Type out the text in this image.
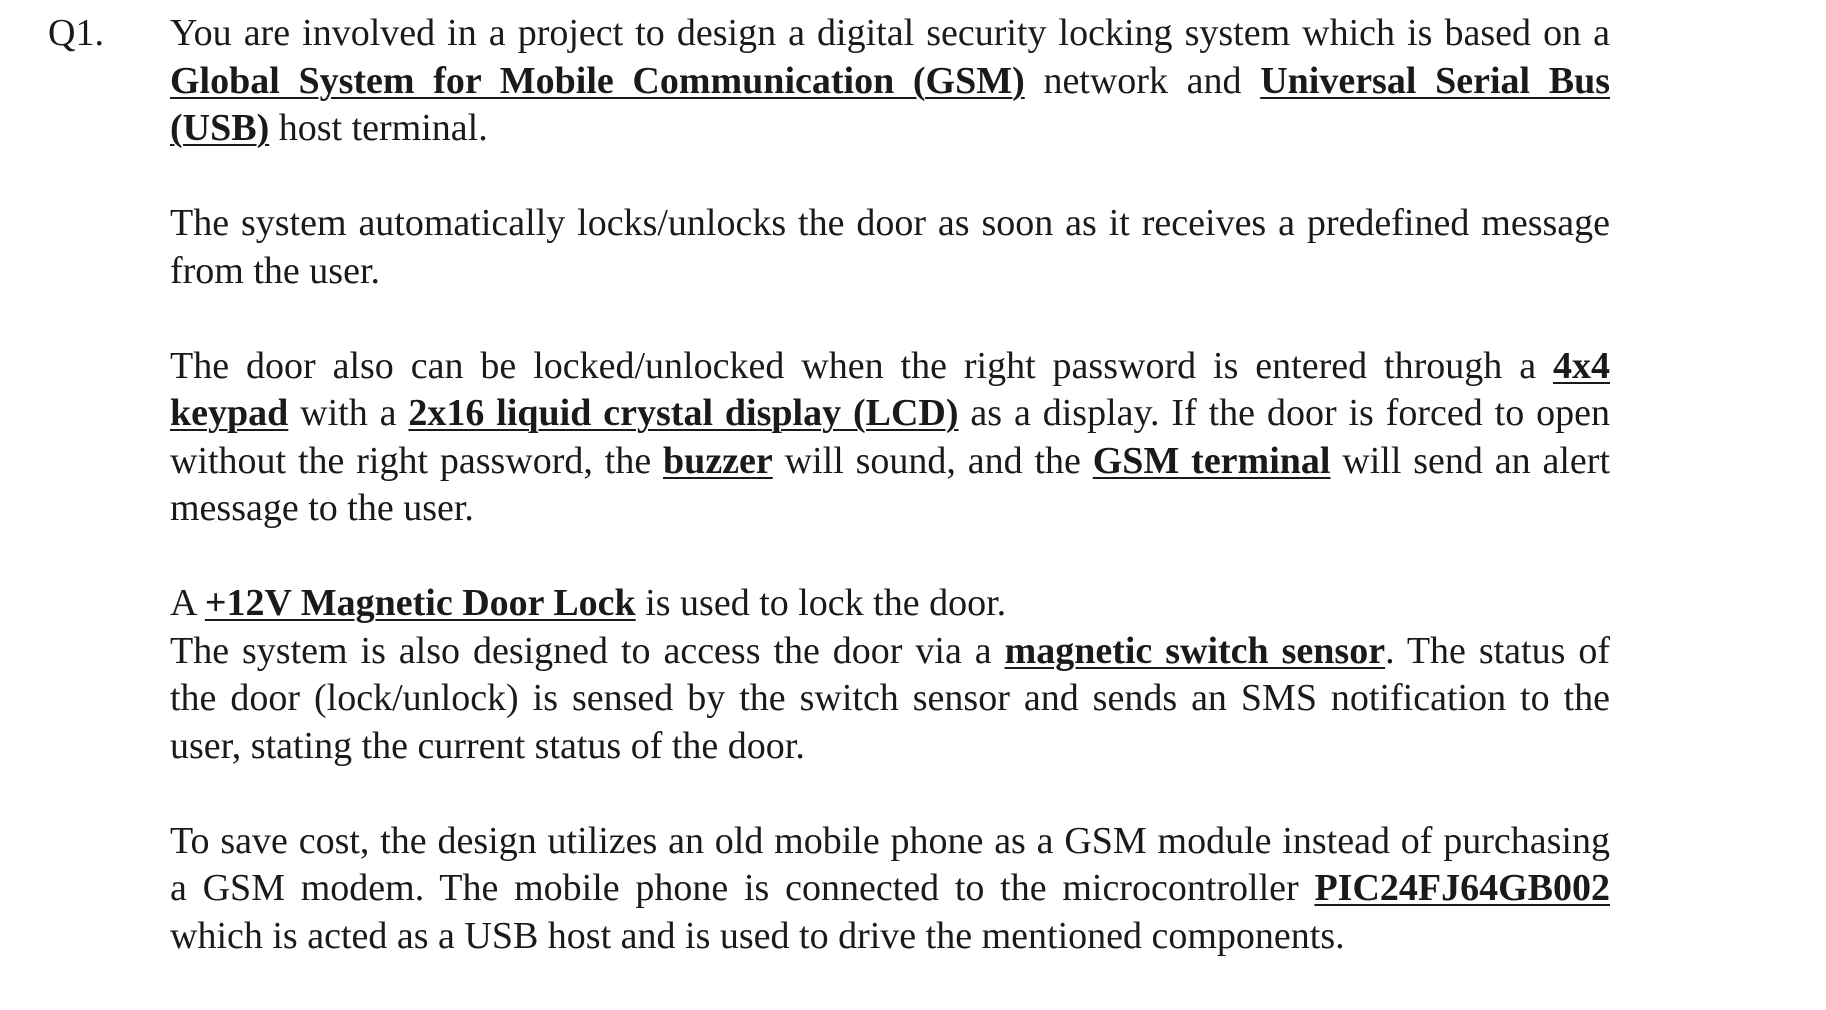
Q1. You are involved in a project to design a digital security locking system which is based on a Global System for Mobile Communication (GSM) network and Universal Serial Bus (USB) host terminal.

The system automatically locks/unlocks the door as soon as it receives a predefined message from the user.

The door also can be locked/unlocked when the right password is entered through a 4x4 keypad with a 2x16 liquid crystal display (LCD) as a display. If the door is forced to open without the right password, the buzzer will sound, and the GSM terminal will send an alert message to the user.

A +12V Magnetic Door Lock is used to lock the door.

The system is also designed to access the door via a magnetic switch sensor. The status of the door (lock/unlock) is sensed by the switch sensor and sends an SMS notification to the user, stating the current status of the door.

To save cost, the design utilizes an old mobile phone as a GSM module instead of purchasing a GSM modem. The mobile phone is connected to the microcontroller PIC24FJ64GB002 which is acted as a USB host and is used to drive the mentioned components.
